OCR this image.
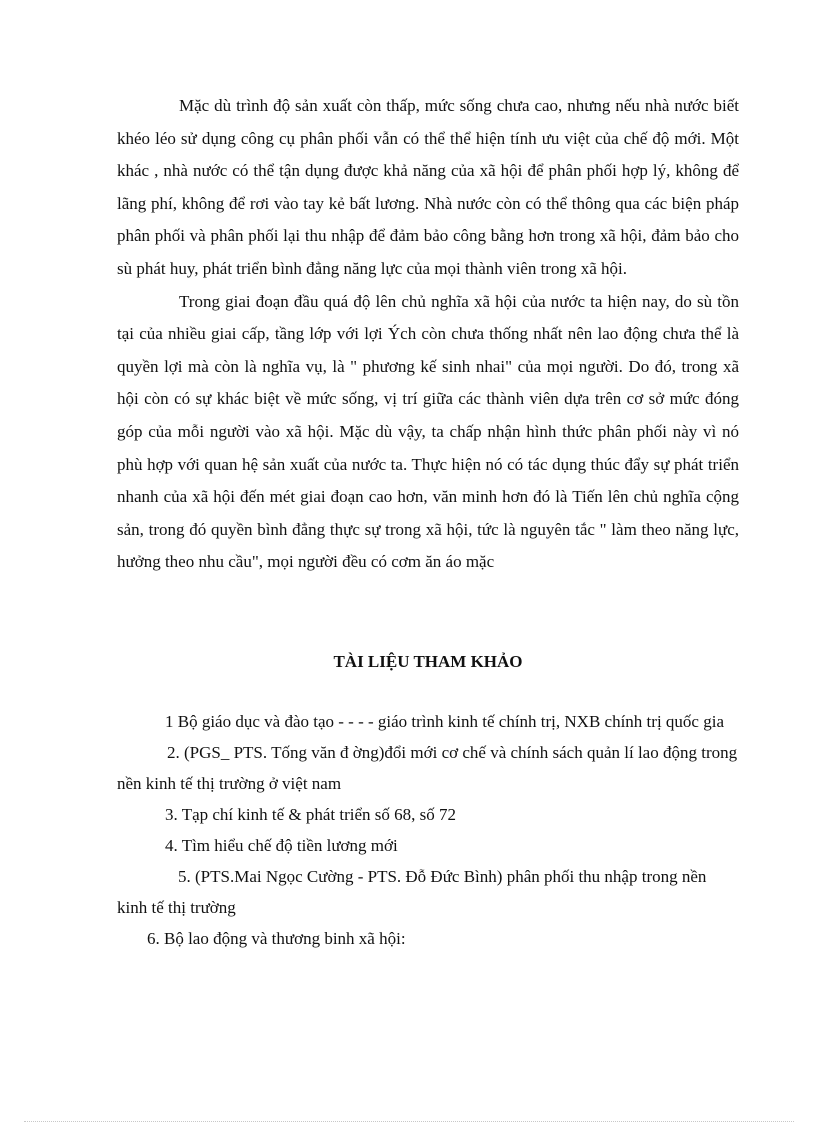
Mặc dù trình độ sản xuất còn thấp, mức sống chưa cao, nhưng nếu nhà nước biết khéo léo sử dụng công cụ phân phối vẫn có thể thể hiện tính ưu việt của chế độ mới. Một khác , nhà nước có thể tận dụng được khả năng của xã hội để phân phối hợp lý, không để lãng phí, không để rơi vào tay kẻ bất lương. Nhà nước còn có thể thông qua các biện pháp phân phối và phân phối lại thu nhập để đảm bảo công bằng hơn trong xã hội, đảm bảo cho sù phát huy, phát triển bình đẳng năng lực của mọi thành viên trong xã hội.

Trong giai đoạn đầu quá độ lên chủ nghĩa xã hội của nước ta hiện nay, do sù tồn tại của nhiều giai cấp, tầng lớp với lợi Ých còn chưa thống nhất nên lao động chưa thể là quyền lợi mà còn là nghĩa vụ, là " phương kế sinh nhai" của mọi người. Do đó, trong xã hội còn có sự khác biệt về mức sống, vị trí giữa các thành viên dựa trên cơ sở mức đóng góp của mỗi người vào xã hội. Mặc dù vậy, ta chấp nhận hình thức phân phối này vì nó phù hợp với quan hệ sản xuất của nước ta. Thực hiện nó có tác dụng thúc đẩy sự phát triển nhanh của xã hội đến mét giai đoạn cao hơn, văn minh hơn đó là Tiến lên chủ nghĩa cộng sản, trong đó quyền bình đẳng thực sự trong xã hội, tức là nguyên tắc " làm theo năng lực, hưởng theo nhu cầu", mọi người đều có cơm ăn áo mặc

TÀI LIỆU THAM KHẢO

1 Bộ giáo dục và đào tạo - - - - giáo trình kinh tế chính trị, NXB chính trị quốc gia

2. (PGS_ PTS. Tống văn đ ờng)đổi mới cơ chế và chính sách quản lí lao động trong nền kinh tế thị trường ở việt nam

3. Tạp chí kinh tế & phát triển số 68, số 72

4. Tìm hiểu chế độ tiền lương mới

5. (PTS.Mai Ngọc Cường - PTS. Đỗ Đức Bình) phân phối thu nhập trong nền kinh tế thị trường

6. Bộ lao động và thương binh xã hội:
